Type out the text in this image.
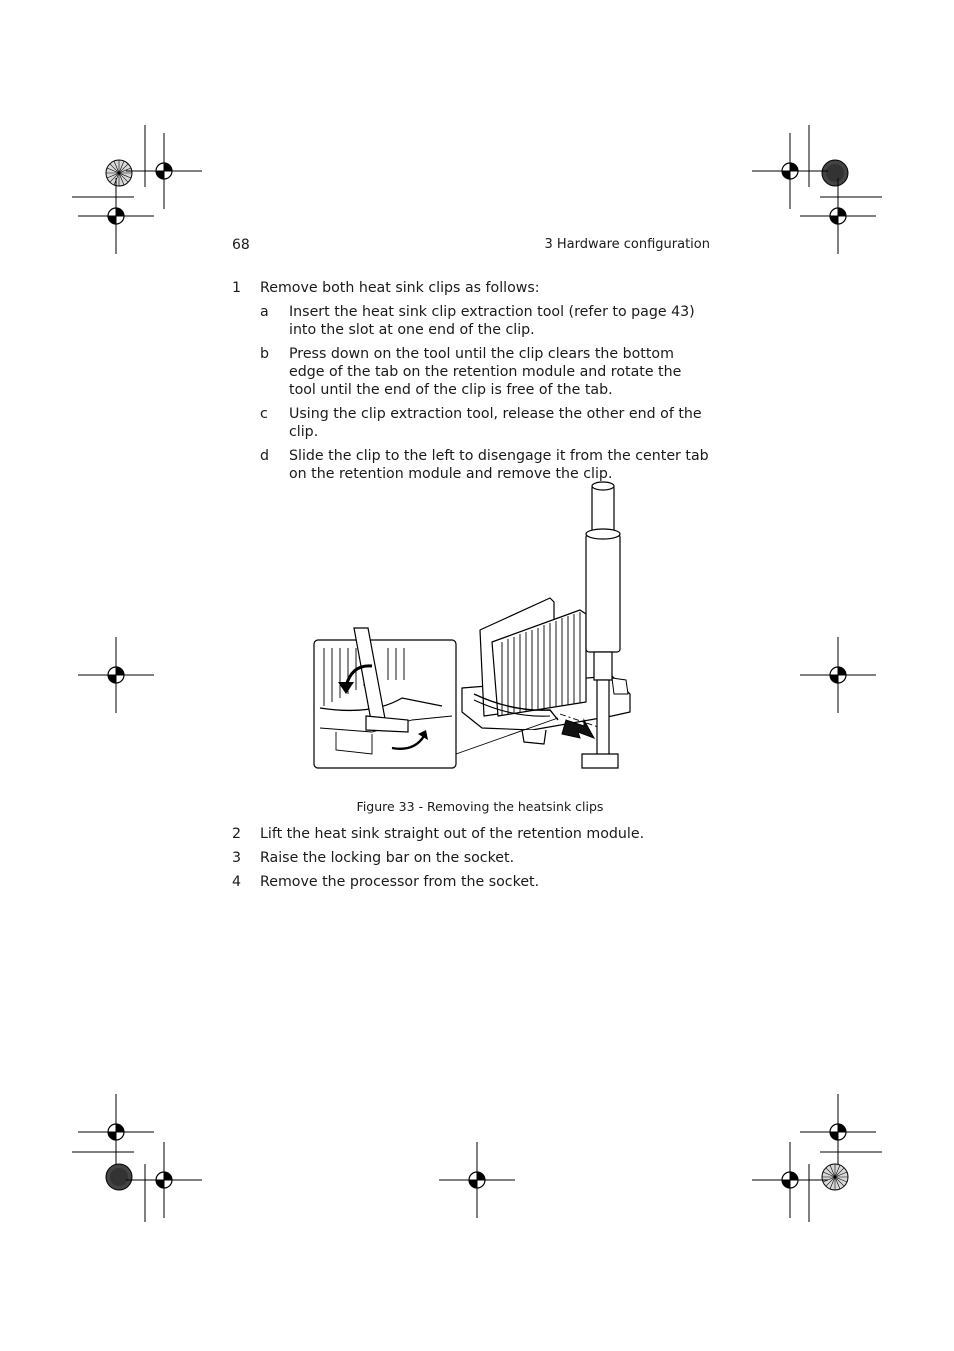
68	3 Hardware configuration
1	Remove both heat sink clips as follows:
a	Insert the heat sink clip extraction tool (refer to page 43) into the slot at one end of the clip.
b	Press down on the tool until the clip clears the bottom edge of the tab on the retention module and rotate the tool until the end of the clip is free of the tab.
c	Using the clip extraction tool, release the other end of the clip.
d	Slide the clip to the left to disengage it from the center tab on the retention module and remove the clip.
Figure 33 - Removing the heatsink clips
2	Lift the heat sink straight out of the retention module.
3	Raise the locking bar on the socket.
4	Remove the processor from the socket.
